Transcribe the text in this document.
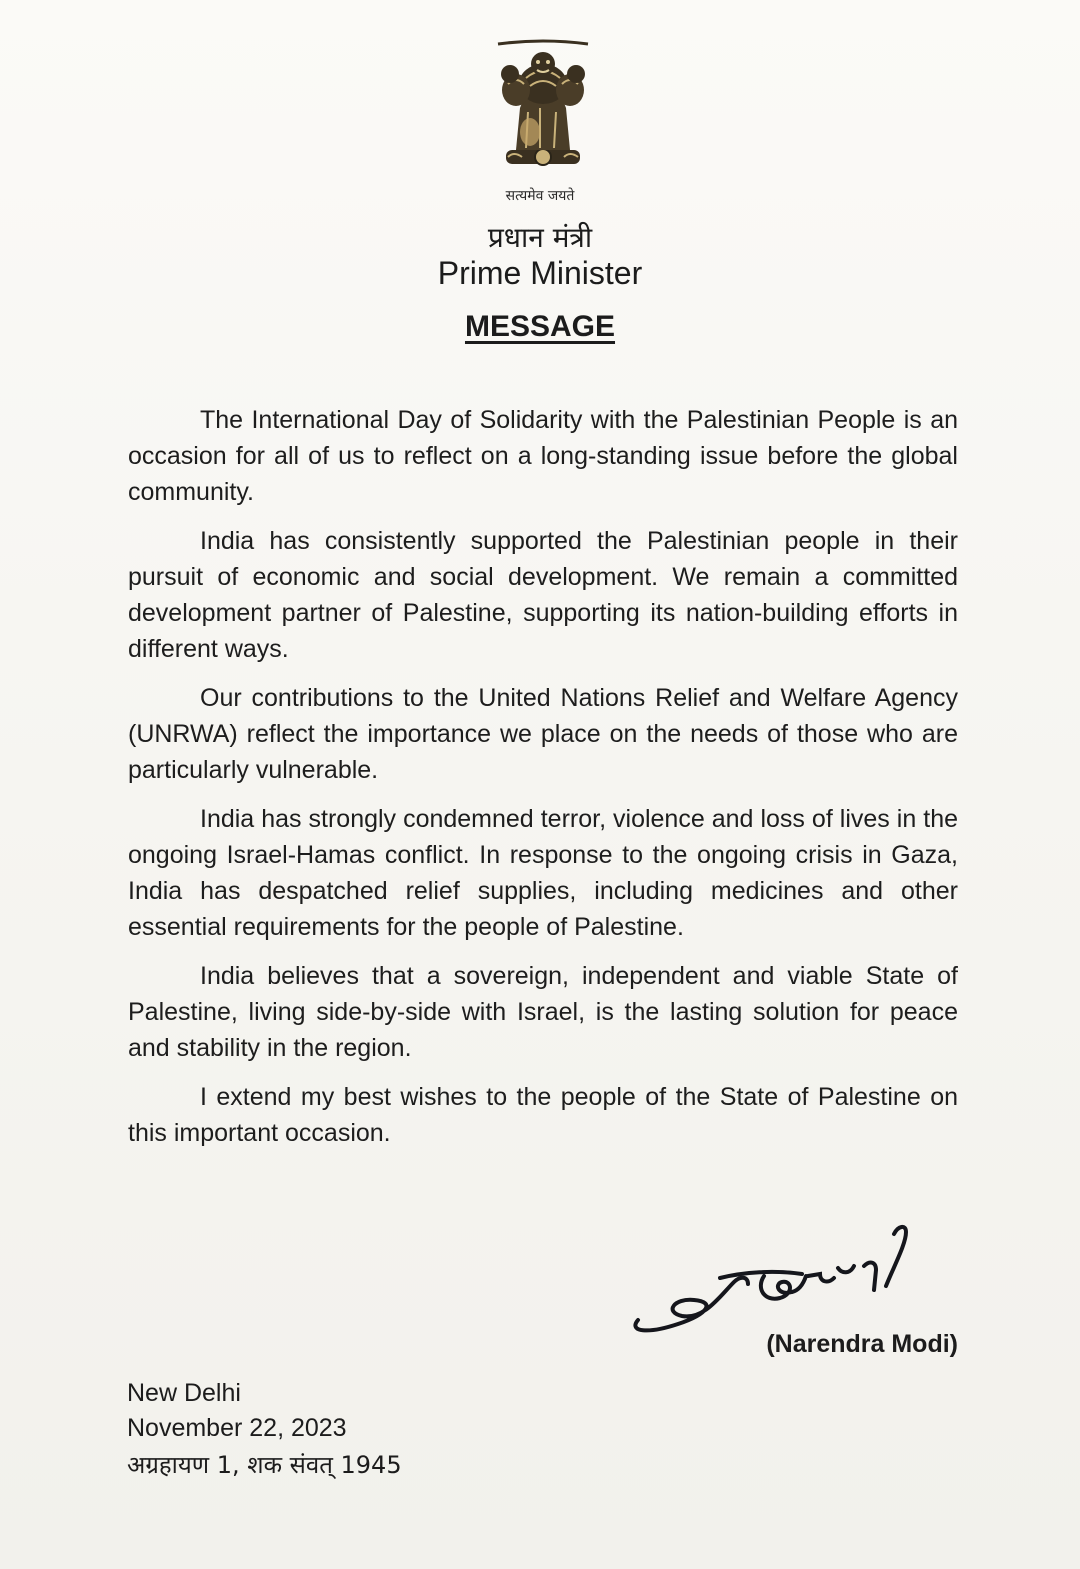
सत्यमेव जयते
प्रधान मंत्री
Prime Minister
MESSAGE

The International Day of Solidarity with the Palestinian People is an occasion for all of us to reflect on a long-standing issue before the global community.

India has consistently supported the Palestinian people in their pursuit of economic and social development. We remain a committed development partner of Palestine, supporting its nation-building efforts in different ways.

Our contributions to the United Nations Relief and Welfare Agency (UNRWA) reflect the importance we place on the needs of those who are particularly vulnerable.

India has strongly condemned terror, violence and loss of lives in the ongoing Israel-Hamas conflict. In response to the ongoing crisis in Gaza, India has despatched relief supplies, including medicines and other essential requirements for the people of Palestine.

India believes that a sovereign, independent and viable State of Palestine, living side-by-side with Israel, is the lasting solution for peace and stability in the region.

I extend my best wishes to the people of the State of Palestine on this important occasion.

(Narendra Modi)
New Delhi
November 22, 2023
अग्रहायण 1, शक संवत् 1945
